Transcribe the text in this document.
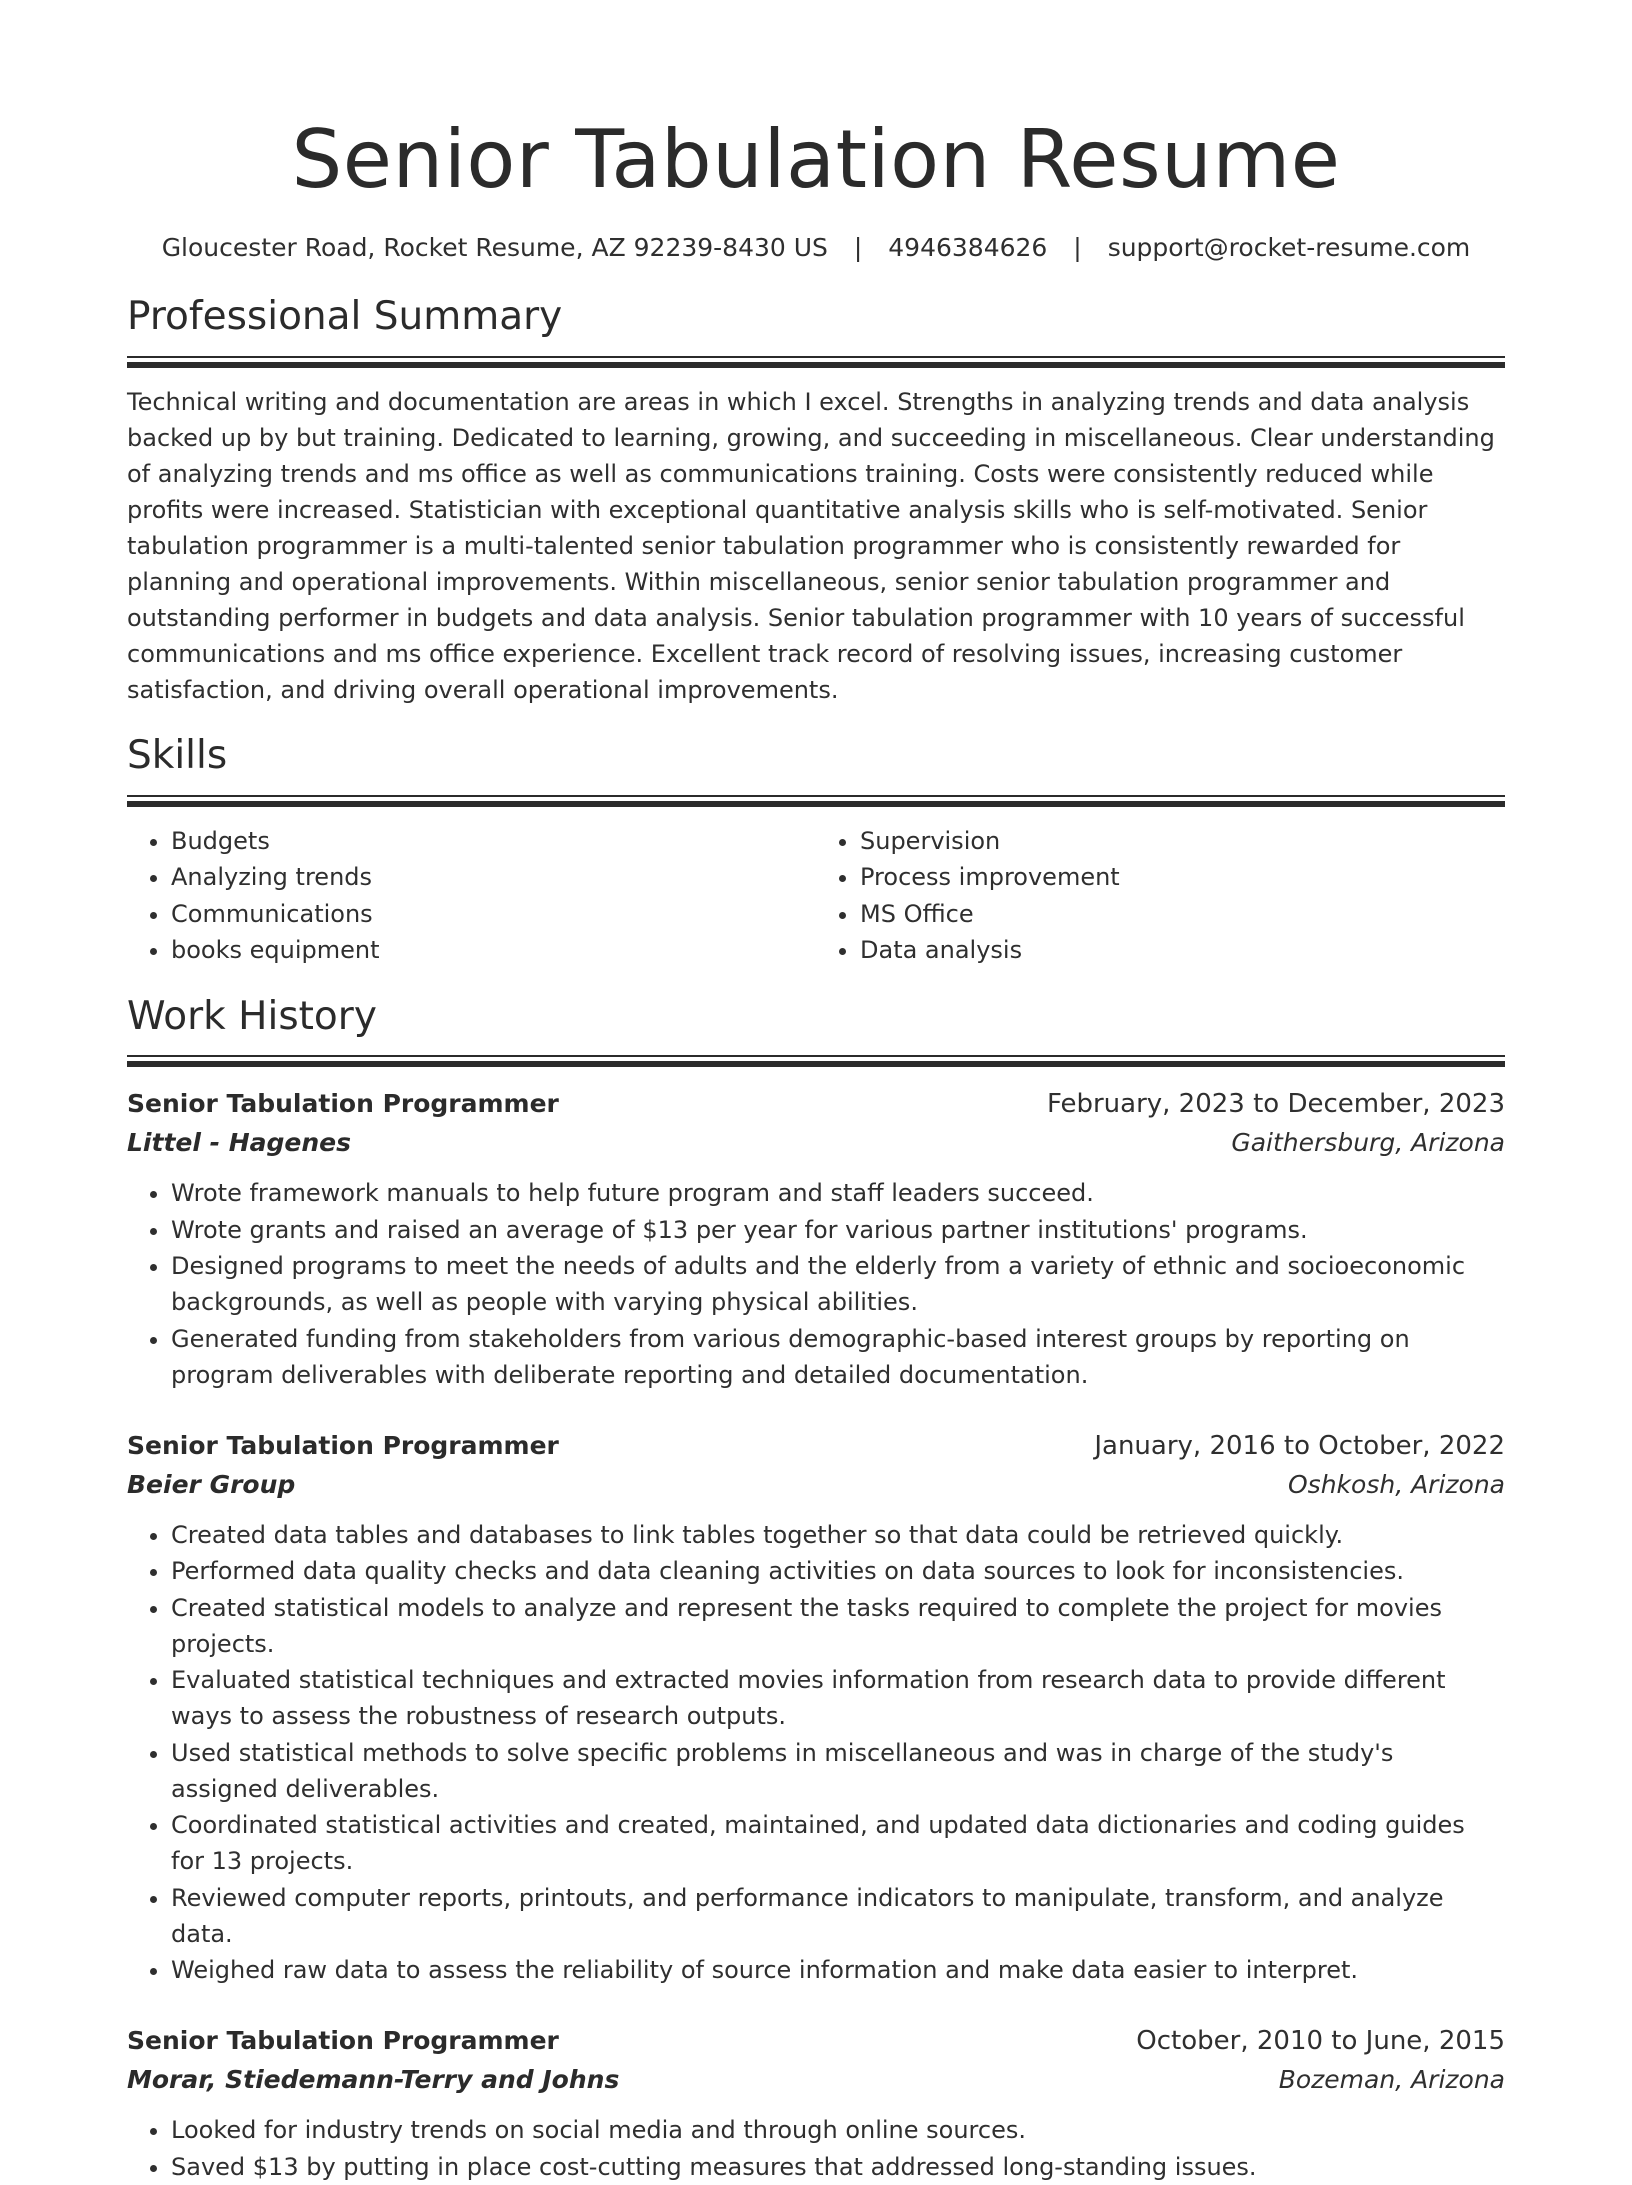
Senior Tabulation Resume
Gloucester Road, Rocket Resume, AZ 92239-8430 US | 4946384626 | support@rocket-resume.com
Professional Summary
Technical writing and documentation are areas in which I excel. Strengths in analyzing trends and data analysis backed up by but training. Dedicated to learning, growing, and succeeding in miscellaneous. Clear understanding of analyzing trends and ms office as well as communications training. Costs were consistently reduced while profits were increased. Statistician with exceptional quantitative analysis skills who is self-motivated. Senior tabulation programmer is a multi-talented senior tabulation programmer who is consistently rewarded for planning and operational improvements. Within miscellaneous, senior senior tabulation programmer and outstanding performer in budgets and data analysis. Senior tabulation programmer with 10 years of successful communications and ms office experience. Excellent track record of resolving issues, increasing customer satisfaction, and driving overall operational improvements.
Skills
• Budgets
• Analyzing trends
• Communications
• books equipment
• Supervision
• Process improvement
• MS Office
• Data analysis
Work History
Senior Tabulation Programmer	February, 2023 to December, 2023
Littel - Hagenes	Gaithersburg, Arizona
• Wrote framework manuals to help future program and staff leaders succeed.
• Wrote grants and raised an average of $13 per year for various partner institutions' programs.
• Designed programs to meet the needs of adults and the elderly from a variety of ethnic and socioeconomic backgrounds, as well as people with varying physical abilities.
• Generated funding from stakeholders from various demographic-based interest groups by reporting on program deliverables with deliberate reporting and detailed documentation.
Senior Tabulation Programmer	January, 2016 to October, 2022
Beier Group	Oshkosh, Arizona
• Created data tables and databases to link tables together so that data could be retrieved quickly.
• Performed data quality checks and data cleaning activities on data sources to look for inconsistencies.
• Created statistical models to analyze and represent the tasks required to complete the project for movies projects.
• Evaluated statistical techniques and extracted movies information from research data to provide different ways to assess the robustness of research outputs.
• Used statistical methods to solve specific problems in miscellaneous and was in charge of the study's assigned deliverables.
• Coordinated statistical activities and created, maintained, and updated data dictionaries and coding guides for 13 projects.
• Reviewed computer reports, printouts, and performance indicators to manipulate, transform, and analyze data.
• Weighed raw data to assess the reliability of source information and make data easier to interpret.
Senior Tabulation Programmer	October, 2010 to June, 2015
Morar, Stiedemann-Terry and Johns	Bozeman, Arizona
• Looked for industry trends on social media and through online sources.
• Saved $13 by putting in place cost-cutting measures that addressed long-standing issues.
